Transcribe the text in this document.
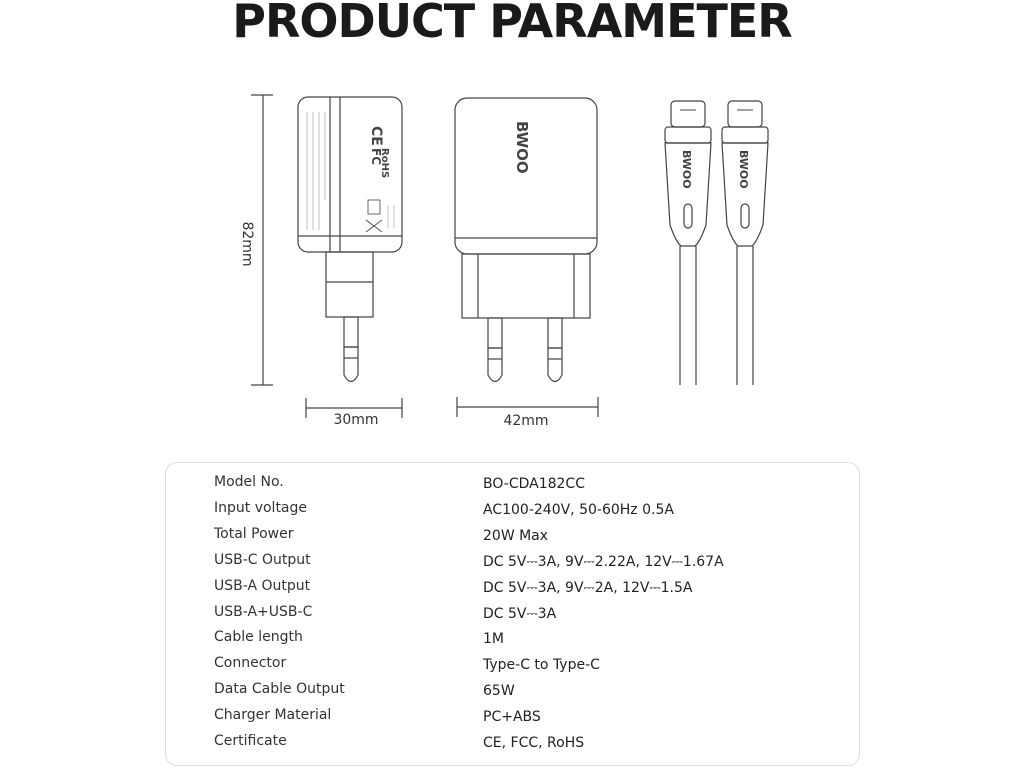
PRODUCT PARAMETER
BWOO	BWOO	BWOO
CE
FC
RoHS
82mm
30mm	42mm
Model No.	BO-CDA182CC
Input voltage	AC100-240V, 50-60Hz 0.5A
Total Power	20W Max
USB-C Output	DC 5V⎓3A, 9V⎓2.22A, 12V⎓1.67A
USB-A Output	DC 5V⎓3A, 9V⎓2A, 12V⎓1.5A
USB-A+USB-C	DC 5V⎓3A
Cable length	1M
Connector	Type-C to Type-C
Data Cable Output	65W
Charger Material	PC+ABS
Certificate	CE, FCC, RoHS
